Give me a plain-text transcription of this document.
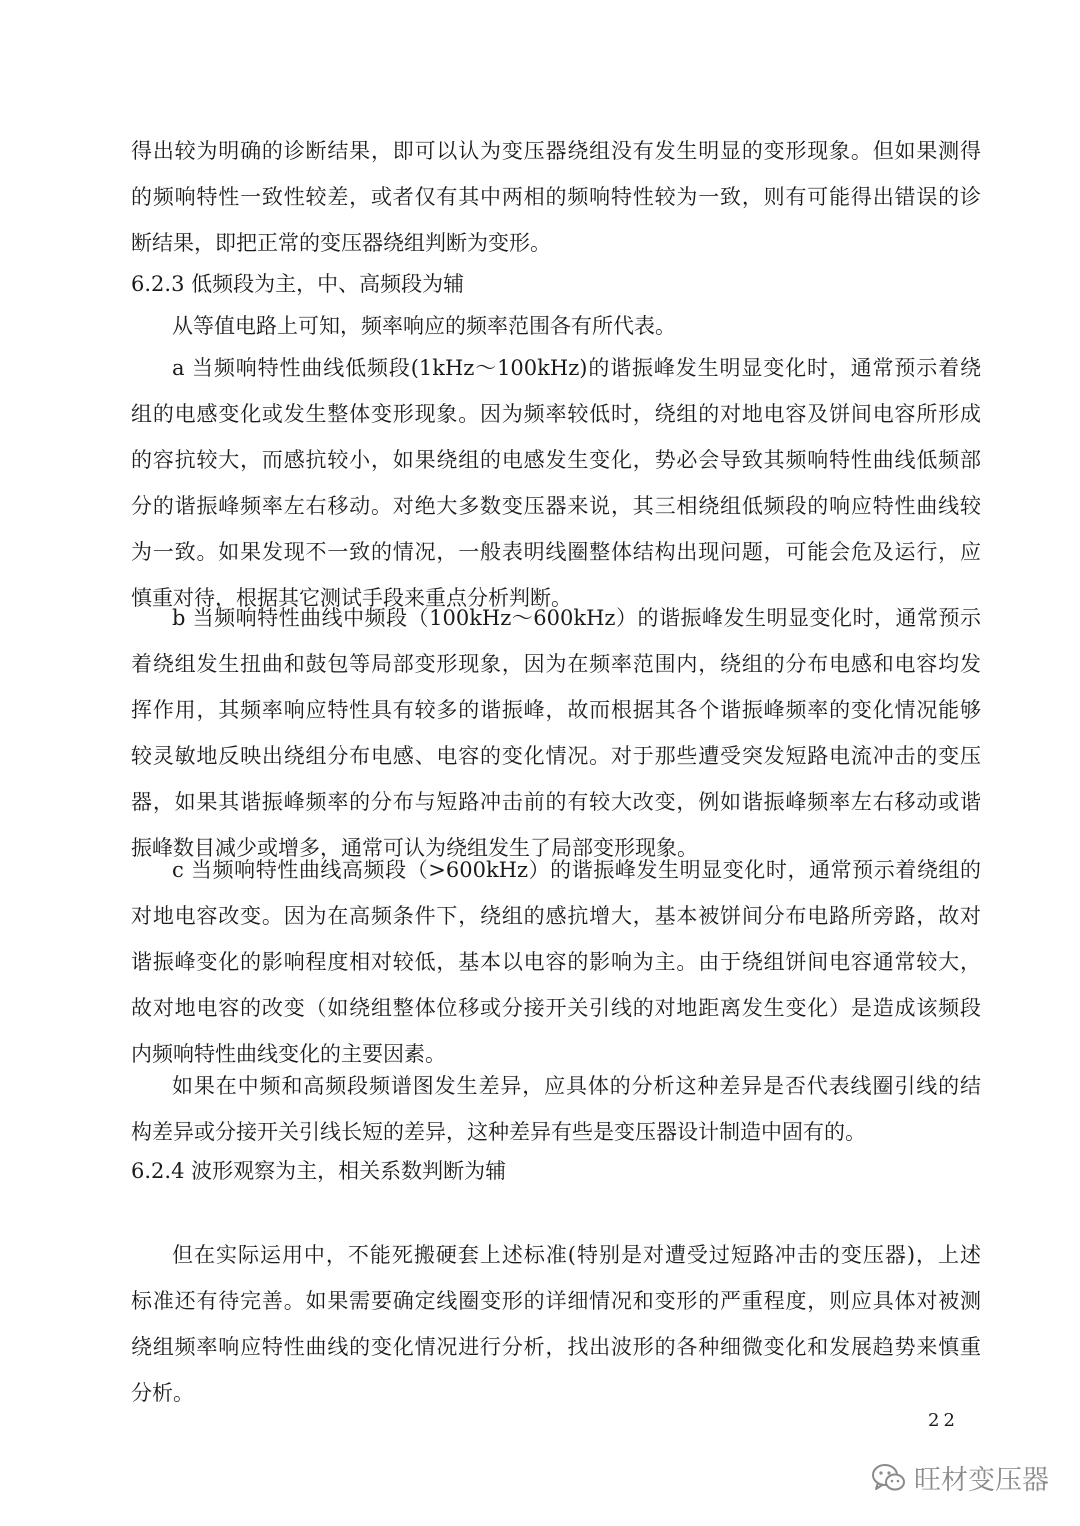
得出较为明确的诊断结果，即可以认为变压器绕组没有发生明显的变形现象。但如果测得
的频响特性一致性较差，或者仅有其中两相的频响特性较为一致，则有可能得出错误的诊
断结果，即把正常的变压器绕组判断为变形。
6.2.3 低频段为主，中、高频段为辅
从等值电路上可知，频率响应的频率范围各有所代表。
a 当频响特性曲线低频段(1kHz～100kHz)的谐振峰发生明显变化时，通常预示着绕
组的电感变化或发生整体变形现象。因为频率较低时，绕组的对地电容及饼间电容所形成
的容抗较大，而感抗较小，如果绕组的电感发生变化，势必会导致其频响特性曲线低频部
分的谐振峰频率左右移动。对绝大多数变压器来说，其三相绕组低频段的响应特性曲线较
为一致。如果发现不一致的情况，一般表明线圈整体结构出现问题，可能会危及运行，应
慎重对待，根据其它测试手段来重点分析判断。
b 当频响特性曲线中频段（100kHz～600kHz）的谐振峰发生明显变化时，通常预示
着绕组发生扭曲和鼓包等局部变形现象，因为在频率范围内，绕组的分布电感和电容均发
挥作用，其频率响应特性具有较多的谐振峰，故而根据其各个谐振峰频率的变化情况能够
较灵敏地反映出绕组分布电感、电容的变化情况。对于那些遭受突发短路电流冲击的变压
器，如果其谐振峰频率的分布与短路冲击前的有较大改变，例如谐振峰频率左右移动或谐
振峰数目减少或增多，通常可认为绕组发生了局部变形现象。
c 当频响特性曲线高频段（>600kHz）的谐振峰发生明显变化时，通常预示着绕组的
对地电容改变。因为在高频条件下，绕组的感抗增大，基本被饼间分布电路所旁路，故对
谐振峰变化的影响程度相对较低，基本以电容的影响为主。由于绕组饼间电容通常较大，
故对地电容的改变（如绕组整体位移或分接开关引线的对地距离发生变化）是造成该频段
内频响特性曲线变化的主要因素。
如果在中频和高频段频谱图发生差异，应具体的分析这种差异是否代表线圈引线的结
构差异或分接开关引线长短的差异，这种差异有些是变压器设计制造中固有的。
6.2.4 波形观察为主，相关系数判断为辅
但在实际运用中，不能死搬硬套上述标准(特别是对遭受过短路冲击的变压器)，上述
标准还有待完善。如果需要确定线圈变形的详细情况和变形的严重程度，则应具体对被测
绕组频率响应特性曲线的变化情况进行分析，找出波形的各种细微变化和发展趋势来慎重
分析。
22
旺材变压器
